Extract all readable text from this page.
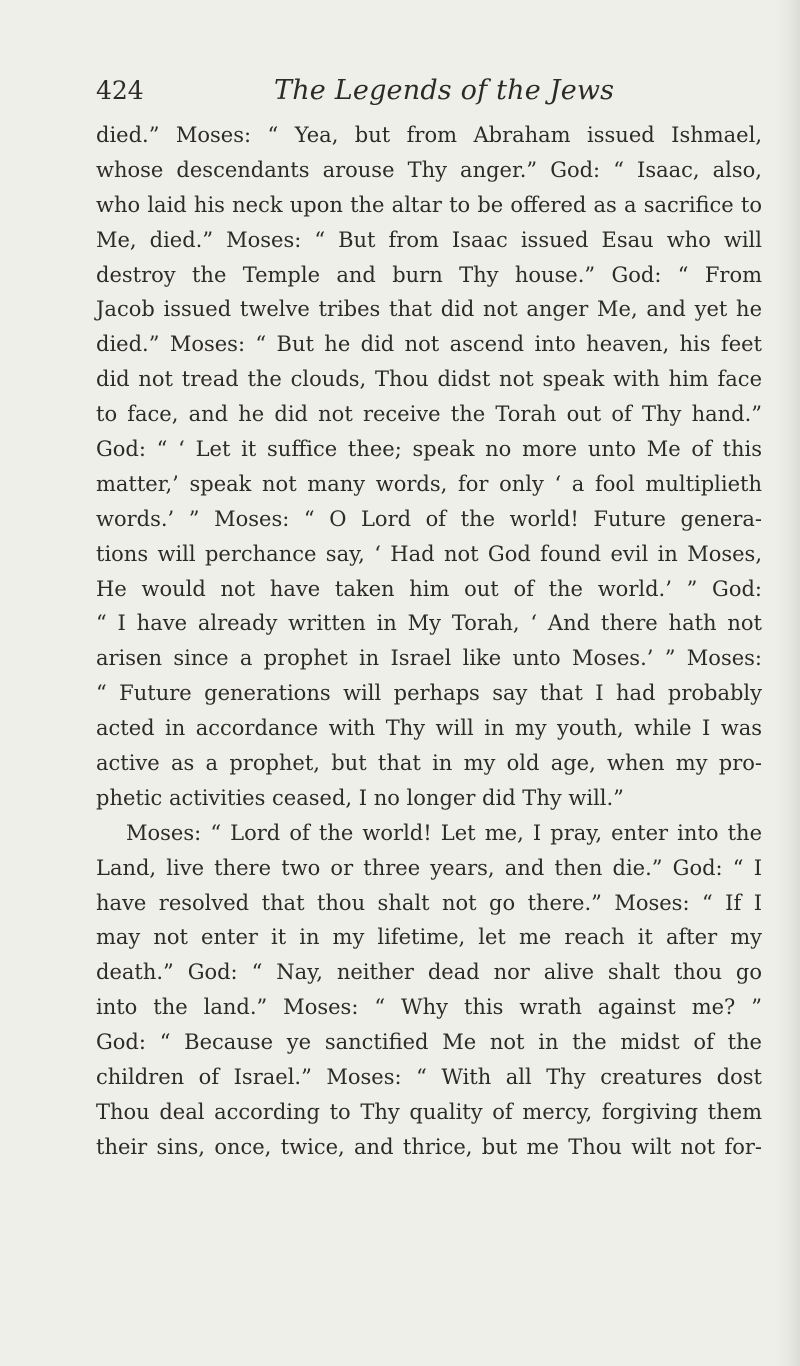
424	The Legends of the Jews
died.” Moses: “ Yea, but from Abraham issued Ishmael,
whose descendants arouse Thy anger.” God: “ Isaac, also,
who laid his neck upon the altar to be offered as a sacrifice to
Me, died.” Moses: “ But from Isaac issued Esau who will
destroy the Temple and burn Thy house.” God: “ From
Jacob issued twelve tribes that did not anger Me, and yet he
died.” Moses: “ But he did not ascend into heaven, his feet
did not tread the clouds, Thou didst not speak with him face
to face, and he did not receive the Torah out of Thy hand.”
God: “ ‘ Let it suffice thee; speak no more unto Me of this
matter,’ speak not many words, for only ‘ a fool multiplieth
words.’ ” Moses: “ O Lord of the world! Future genera-
tions will perchance say, ‘ Had not God found evil in Moses,
He would not have taken him out of the world.’ ” God:
“ I have already written in My Torah, ‘ And there hath not
arisen since a prophet in Israel like unto Moses.’ ” Moses:
“ Future generations will perhaps say that I had probably
acted in accordance with Thy will in my youth, while I was
active as a prophet, but that in my old age, when my pro-
phetic activities ceased, I no longer did Thy will.”
Moses: “ Lord of the world! Let me, I pray, enter into the
Land, live there two or three years, and then die.” God: “ I
have resolved that thou shalt not go there.” Moses: “ If I
may not enter it in my lifetime, let me reach it after my
death.” God: “ Nay, neither dead nor alive shalt thou go
into the land.” Moses: “ Why this wrath against me? ”
God: “ Because ye sanctified Me not in the midst of the
children of Israel.” Moses: “ With all Thy creatures dost
Thou deal according to Thy quality of mercy, forgiving them
their sins, once, twice, and thrice, but me Thou wilt not for-
